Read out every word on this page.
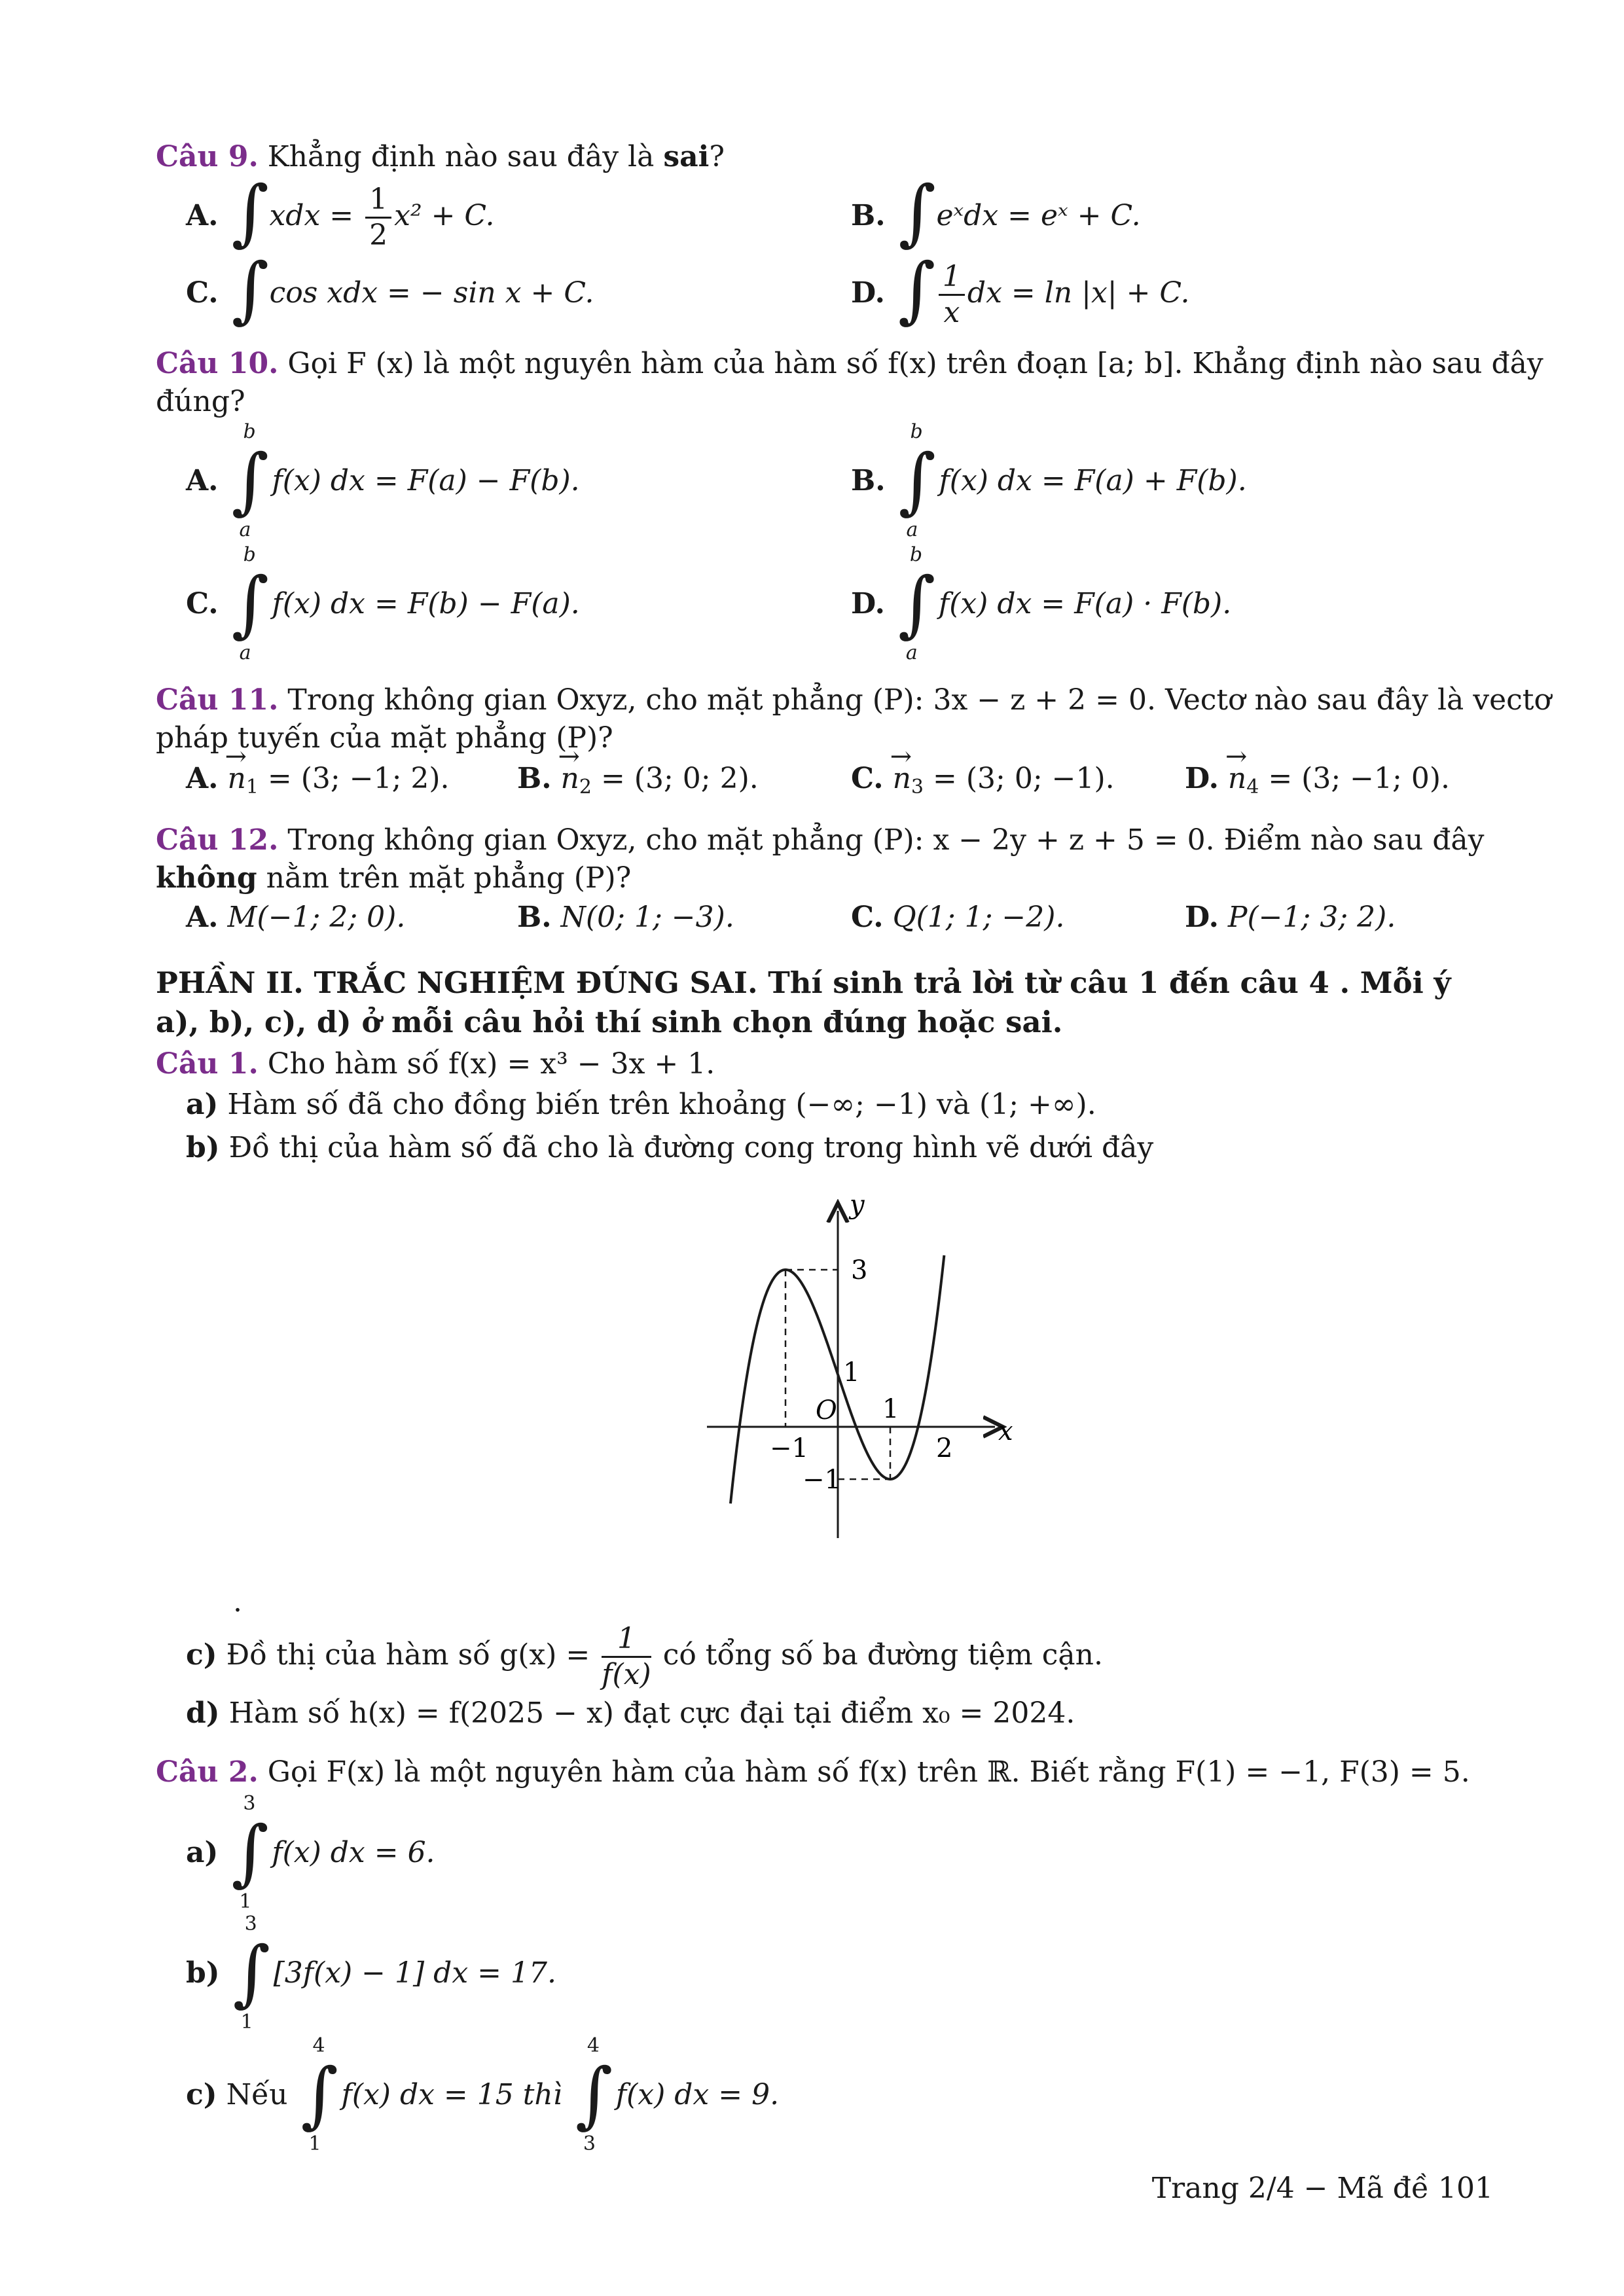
Câu 9. Khẳng định nào sau đây là sai?
A. ∫ xdx = $\frac{1}{2} x^2 + C$.	B. ∫ eˣdx = eˣ + C.
C. ∫ cos xdx = − sin x + C.	D. ∫
$\frac{1}{x}$ dx = ln |x| + C.
Câu 10. Gọi F (x) là một nguyên hàm của hàm số f(x) trên đoạn [a; b]. Khẳng định nào sau đây
đúng?
A.
b
∫
a
f(x) dx = F(a) − F(b).	B.
b
∫
a
f(x) dx = F(a) + F(b).
C.
b
∫
a
f(x) dx = F(b) − F(a).	D.
b
∫
a
f(x) dx = F(a) · F(b).
Câu 11. Trong không gian Oxyz, cho mặt phẳng (P): 3x − z + 2 = 0. Vectơ nào sau đây là vectơ
pháp tuyến của mặt phẳng (P)?
A. → $n_1 = (3$; −1; 2). B. → $n_2 = (3$; 0; 2).	C. → $n_3 = (3$; 0; −1). D. → $n_4 = (3$; −1; 0).
Câu 12. Trong không gian Oxyz, cho mặt phẳng (P): x − 2y + z + 5 = 0. Điểm nào sau đây
không nằm trên mặt phẳng (P)?
A. M(−1; 2; 0).	B. N(0; 1; −3).	C. Q(1; 1; −2).	D. P(−1; 3; 2).
PHẦN II. TRẮC NGHIỆM ĐÚNG SAI. Thí sinh trả lời từ câu 1 đến câu 4 . Mỗi ý
a), b), c), d) ở mỗi câu hỏi thí sinh chọn đúng hoặc sai.
Câu 1. Cho hàm số f(x) = x³ − 3x + 1.
a) Hàm số đã cho đồng biến trên khoảng (−∞; −1) và (1; +∞).
b) Đồ thị của hàm số đã cho là đường cong trong hình vẽ dưới đây
y
x
O
3
1
−1
−1
1
2
.
c) Đồ thị của hàm số $g(x) = \frac{1}{f(x)}$ có tổng số ba đường tiệm cận.
d) Hàm số h(x) = f(2025 − x) đạt cực đại tại điểm x₀ = 2024.
Câu 2. Gọi F(x) là một nguyên hàm của hàm số f(x) trên ℝ. Biết rằng F(1) = −1, F(3) = 5.
a)
3
∫
1
f(x) dx = 6.
b)
3
∫
1
[3f(x) − 1] dx = 17.
c) Nếu
4
∫
1
f(x) dx = 15 thì
4
∫
3
f(x) dx = 9.
Trang 2/4 − Mã đề 101
